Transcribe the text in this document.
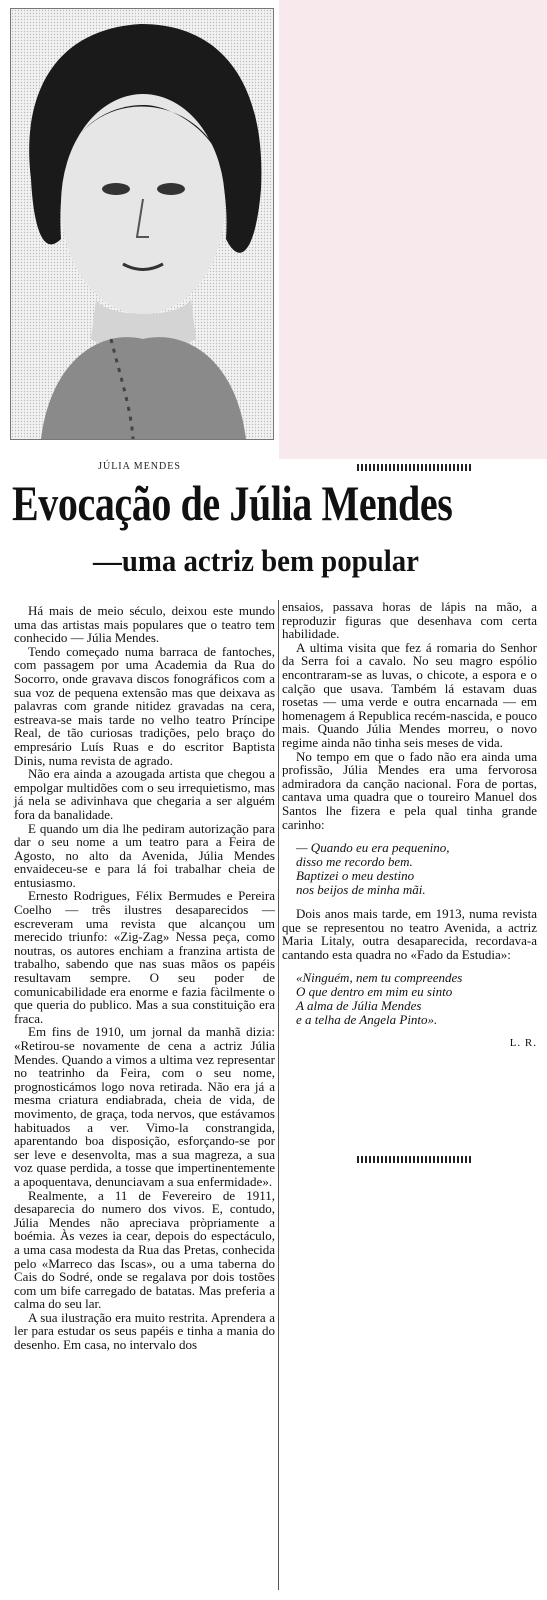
JÚLIA MENDES
Evocação de Júlia Mendes
—uma actriz bem popular

Há mais de meio século, deixou este mundo uma das artistas mais populares que o teatro tem conhecido — Júlia Mendes.

Tendo começado numa barraca de fantoches, com passagem por uma Academia da Rua do Socorro, onde gravava discos fonográficos com a sua voz de pequena extensão mas que deixava as palavras com grande nitidez gravadas na cera, estreava-se mais tarde no velho teatro Príncipe Real, de tão curiosas tradições, pelo braço do empresário Luís Ruas e do escritor Baptista Dinis, numa revista de agrado.

Não era ainda a azougada artista que chegou a empolgar multidões com o seu irrequietismo, mas já nela se adivinhava que chegaria a ser alguém fora da banalidade.

E quando um dia lhe pediram autorização para dar o seu nome a um teatro para a Feira de Agosto, no alto da Avenida, Júlia Mendes envaideceu-se e para lá foi trabalhar cheia de entusiasmo.

Ernesto Rodrigues, Félix Bermudes e Pereira Coelho — três ilustres desaparecidos — escreveram uma revista que alcançou um merecido triunfo: «Zig-Zag» Nessa peça, como noutras, os autores enchiam a franzina artista de trabalho, sabendo que nas suas mãos os papéis resultavam sempre. O seu poder de comunicabilidade era enorme e fazia fàcilmente o que queria do publico. Mas a sua constituição era fraca.

Em fins de 1910, um jornal da manhã dizia: «Retirou-se novamente de cena a actriz Júlia Mendes. Quando a vimos a ultima vez representar no teatrinho da Feira, com o seu nome, prognosticámos logo nova retirada. Não era já a mesma criatura endiabrada, cheia de vida, de movimento, de graça, toda nervos, que estávamos habituados a ver. Vimo-la constrangida, aparentando boa disposição, esforçando-se por ser leve e desenvolta, mas a sua magreza, a sua voz quase perdida, a tosse que impertinentemente a apoquentava, denunciavam a sua enfermidade».

Realmente, a 11 de Fevereiro de 1911, desaparecia do numero dos vivos. E, contudo, Júlia Mendes não apreciava pròpriamente a boémia. Às vezes ia cear, depois do espectáculo, a uma casa modesta da Rua das Pretas, conhecida pelo «Marreco das Iscas», ou a uma taberna do Cais do Sodré, onde se regalava por dois tostões com um bife carregado de batatas. Mas preferia a calma do seu lar.

A sua ilustração era muito restrita. Aprendera a ler para estudar os seus papéis e tinha a mania do desenho. Em casa, no intervalo dos

ensaios, passava horas de lápis na mão, a reproduzir figuras que desenhava com certa habilidade.

A ultima visita que fez á romaria do Senhor da Serra foi a cavalo. No seu magro espólio encontraram-se as luvas, o chicote, a espora e o calção que usava. Também lá estavam duas rosetas — uma verde e outra encarnada — em homenagem á Republica recém-nascida, e pouco mais. Quando Júlia Mendes morreu, o novo regime ainda não tinha seis meses de vida.

No tempo em que o fado não era ainda uma profissão, Júlia Mendes era uma fervorosa admiradora da canção nacional. Fora de portas, cantava uma quadra que o toureiro Manuel dos Santos lhe fizera e pela qual tinha grande carinho:

— Quando eu era pequenino,
disso me recordo bem.
Baptizei o meu destino
nos beijos de minha mãi.

Dois anos mais tarde, em 1913, numa revista que se representou no teatro Avenida, a actriz Maria Litaly, outra desaparecida, recordava-a cantando esta quadra no «Fado da Estudia»:

«Ninguém, nem tu compreendes
O que dentro em mim eu sinto
A alma de Júlia Mendes
e a telha de Angela Pinto».
L. R.
